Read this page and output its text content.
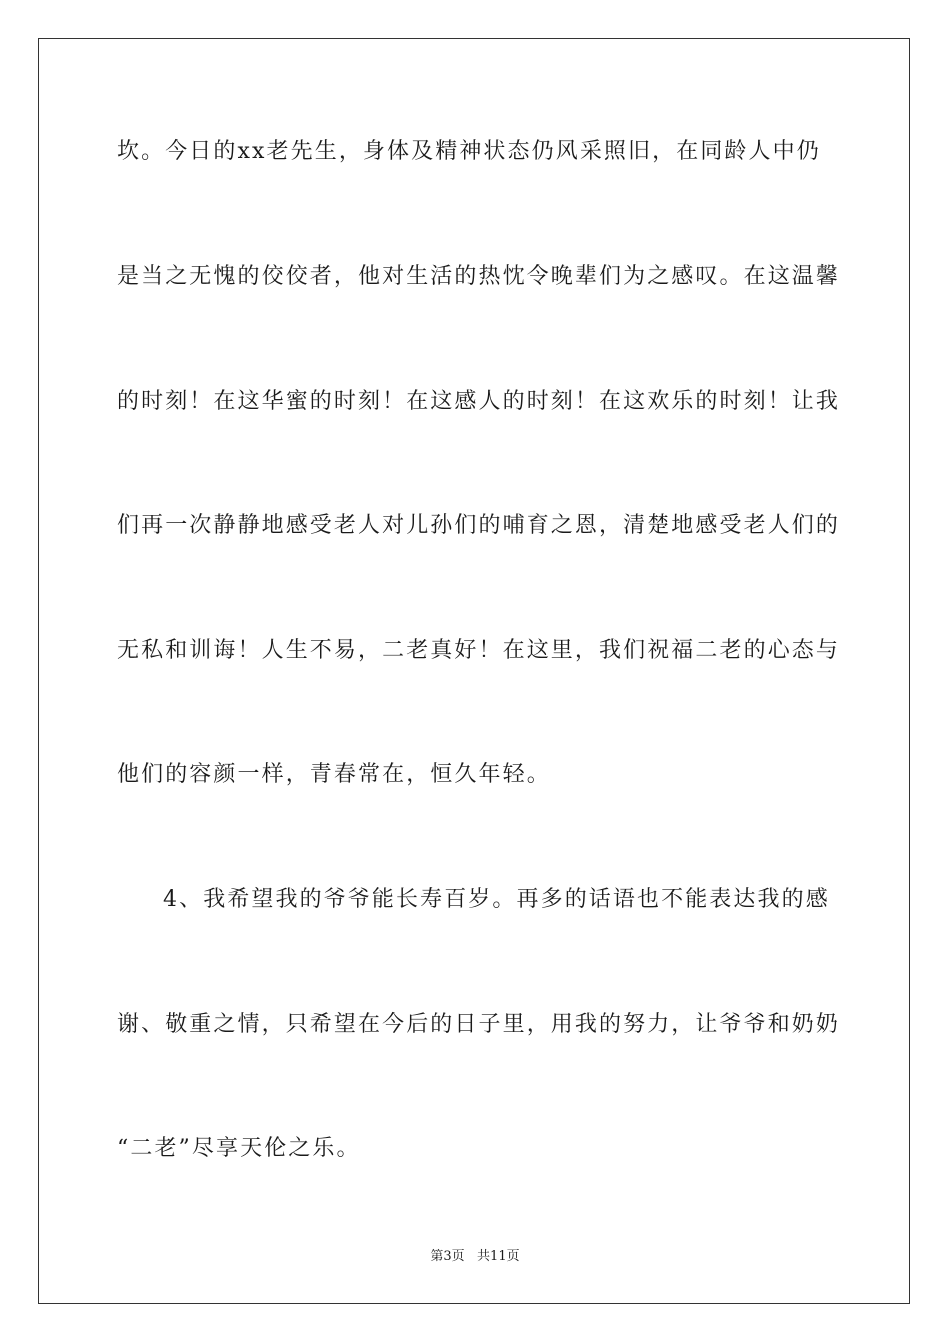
坎。今日的xx老先生，身体及精神状态仍风采照旧，在同龄人中仍
是当之无愧的佼佼者，他对生活的热忱令晚辈们为之感叹。在这温馨
的时刻！在这华蜜的时刻！在这感人的时刻！在这欢乐的时刻！让我
们再一次静静地感受老人对儿孙们的哺育之恩，清楚地感受老人们的
无私和训诲！人生不易，二老真好！在这里，我们祝福二老的心态与
他们的容颜一样，青春常在，恒久年轻。
4、我希望我的爷爷能长寿百岁。再多的话语也不能表达我的感
谢、敬重之情，只希望在今后的日子里，用我的努力，让爷爷和奶奶
“二老”尽享天伦之乐。
第3页   共11页
